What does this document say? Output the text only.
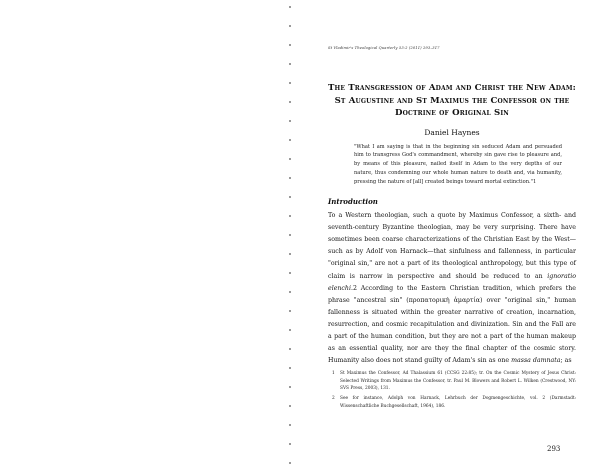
St Vladimir's Theological Quarterly 53:2 (2011) 293–317
The Transgression of Adam and Christ the New Adam: St Augustine and St Maximus the Confessor on the Doctrine of Original Sin
Daniel Haynes
"What I am saying is that in the beginning sin seduced Adam and persuaded him to transgress God's commandment, whereby sin gave rise to pleasure and, by means of this pleasure, nailed itself in Adam to the very depths of our nature, thus condemning our whole human nature to death and, via humanity, pressing the nature of [all] created beings toward mortal extinction."1
Introduction
To a Western theologian, such a quote by Maximus Confessor, a sixth- and seventh-century Byzantine theologian, may be very surprising. There have sometimes been coarse characterizations of the Christian East by the West—such as by Adolf von Harnack—that sinfulness and fallenness, in particular "original sin," are not a part of its theological anthropology, but this type of claim is narrow in perspective and should be reduced to an ignoratio elenchi.2 According to the Eastern Christian tradition, which prefers the phrase "ancestral sin" (προπατορικὴ ἁμαρτία) over "original sin," human fallenness is situated within the greater narrative of creation, incarnation, resurrection, and cosmic recapitulation and divinization. Sin and the Fall are a part of the human condition, but they are not a part of the human makeup as an essential quality, nor are they the final chapter of the cosmic story. Humanity also does not stand guilty of Adam's sin as one massa damnata; as
1	St Maximus the Confessor, Ad Thalassium 61 (CCSG 22:85); tr. On the Cosmic Mystery of Jesus Christ: Selected Writings from Maximus the Confessor, tr. Paul M. Blowers and Robert L. Wilken (Crestwood, NY: SVS Press, 2003), 131.
2	See for instance, Adolph von Harnack, Lehrbuch der Dogmengeschichte, vol. 2 (Darmstadt: Wissenschaftliche Buchgesellschaft, 1964), 186.
293
